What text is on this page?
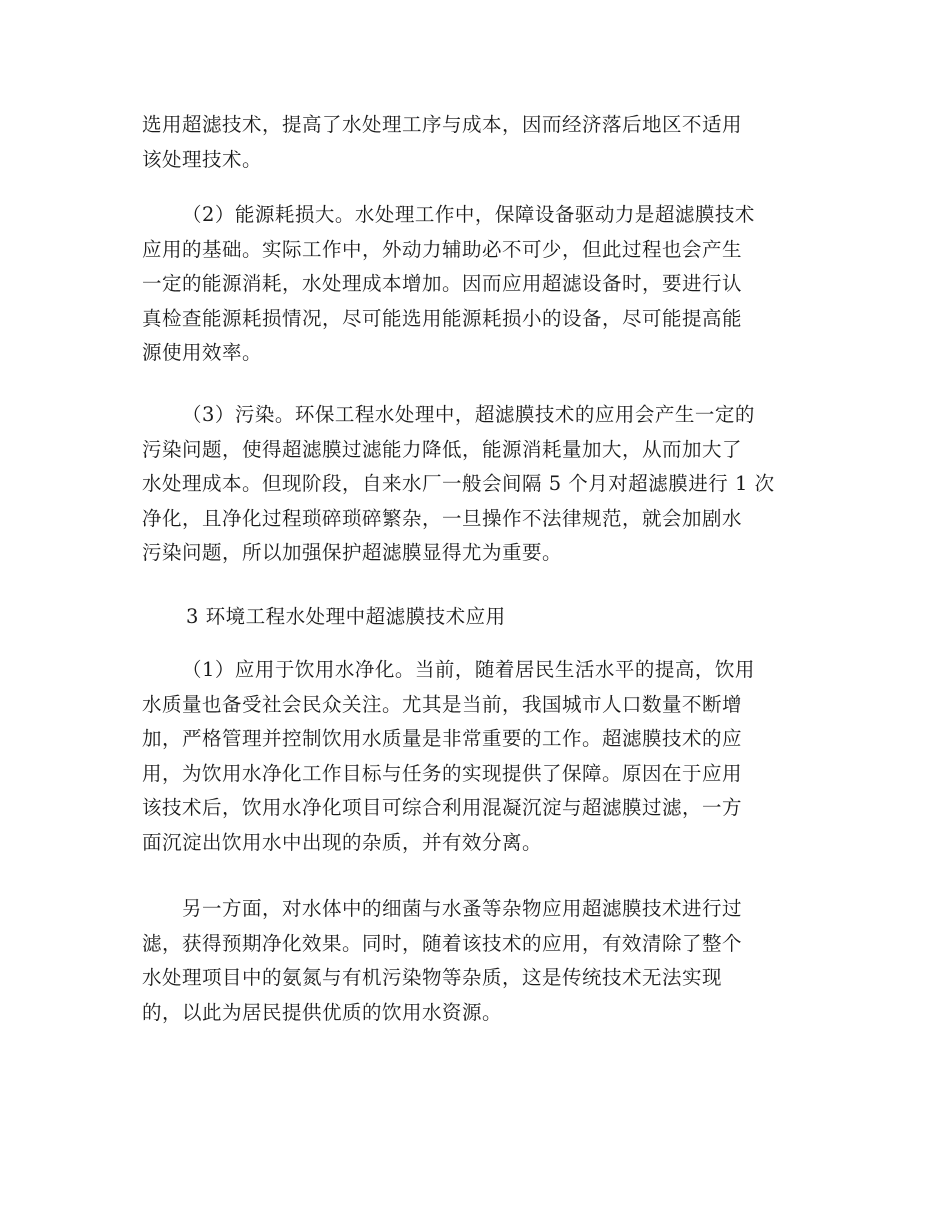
选用超滤技术，提高了水处理工序与成本，因而经济落后地区不适用
该处理技术。
（2）能源耗损大。水处理工作中，保障设备驱动力是超滤膜技术
应用的基础。实际工作中，外动力辅助必不可少，但此过程也会产生
一定的能源消耗，水处理成本增加。因而应用超滤设备时，要进行认
真检查能源耗损情况，尽可能选用能源耗损小的设备，尽可能提高能
源使用效率。
（3）污染。环保工程水处理中，超滤膜技术的应用会产生一定的
污染问题，使得超滤膜过滤能力降低，能源消耗量加大，从而加大了
水处理成本。但现阶段，自来水厂一般会间隔 5 个月对超滤膜进行 1 次
净化，且净化过程琐碎琐碎繁杂，一旦操作不法律规范，就会加剧水
污染问题，所以加强保护超滤膜显得尤为重要。
3 环境工程水处理中超滤膜技术应用
（1）应用于饮用水净化。当前，随着居民生活水平的提高，饮用
水质量也备受社会民众关注。尤其是当前，我国城市人口数量不断增
加，严格管理并控制饮用水质量是非常重要的工作。超滤膜技术的应
用，为饮用水净化工作目标与任务的实现提供了保障。原因在于应用
该技术后，饮用水净化项目可综合利用混凝沉淀与超滤膜过滤，一方
面沉淀出饮用水中出现的杂质，并有效分离。
另一方面，对水体中的细菌与水蚤等杂物应用超滤膜技术进行过
滤，获得预期净化效果。同时，随着该技术的应用，有效清除了整个
水处理项目中的氨氮与有机污染物等杂质，这是传统技术无法实现
的，以此为居民提供优质的饮用水资源。
